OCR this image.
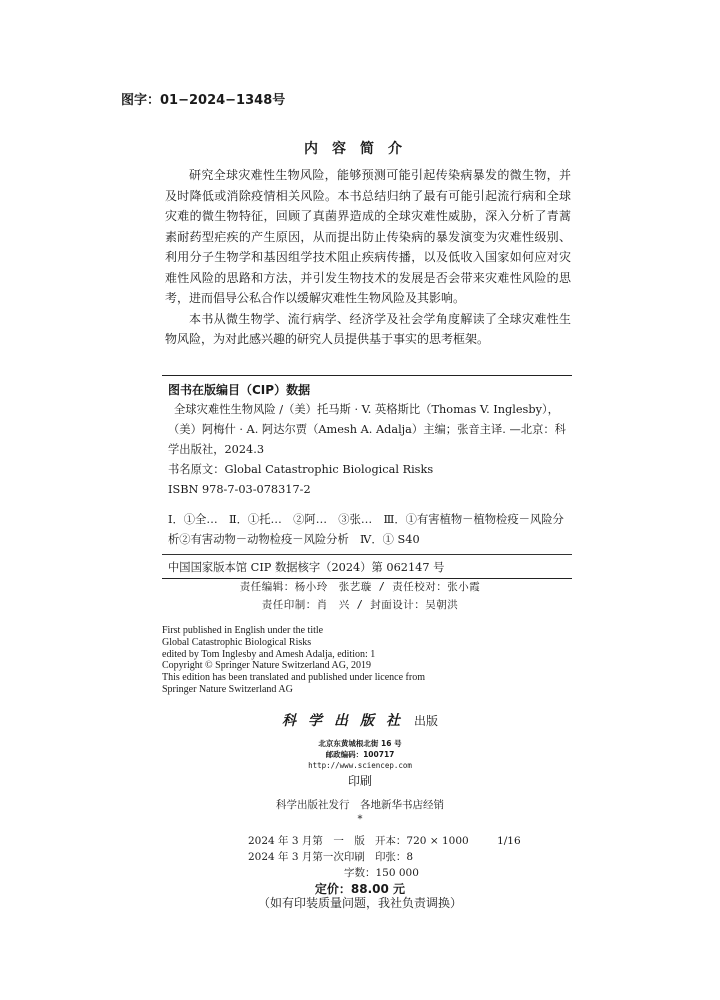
图字：01−2024−1348号
内容简介

研究全球灾难性生物风险，能够预测可能引起传染病暴发的微生物，并及时降低或消除疫情相关风险。本书总结归纳了最有可能引起流行病和全球灾难的微生物特征，回顾了真菌界造成的全球灾难性威胁，深入分析了青蒿素耐药型疟疾的产生原因，从而提出防止传染病的暴发演变为灾难性级别、利用分子生物学和基因组学技术阻止疾病传播，以及低收入国家如何应对灾难性风险的思路和方法，并引发生物技术的发展是否会带来灾难性风险的思考，进而倡导公私合作以缓解灾难性生物风险及其影响。

本书从微生物学、流行病学、经济学及社会学角度解读了全球灾难性生物风险，为对此感兴趣的研究人员提供基于事实的思考框架。

图书在版编目（CIP）数据
全球灾难性生物风险 /（美）托马斯 · V. 英格斯比（Thomas V. Inglesby），（美）阿梅什 · A. 阿达尔贾（Amesh A. Adalja）主编；张音主译. —北京：科学出版社，2024.3
书名原文：Global Catastrophic Biological Risks
ISBN 978-7-03-078317-2
Ⅰ．①全…　Ⅱ．①托…　②阿…　③张…　Ⅲ．①有害植物－植物检疫－风险分析②有害动物－动物检疫－风险分析　Ⅳ．① S40
中国国家版本馆 CIP 数据核字（2024）第 062147 号
责任编辑：杨小玲　张艺璇 / 责任校对：张小霞
责任印制：肖　兴 / 封面设计：吴朝洪
First published in English under the title
Global Catastrophic Biological Risks
edited by Tom Inglesby and Amesh Adalja, edition: 1
Copyright © Springer Nature Switzerland AG, 2019
This edition has been translated and published under licence from
Springer Nature Switzerland AG
科学出版社 出版
北京东黄城根北街 16 号
邮政编码：100717
http://www.sciencep.com
印刷
科学出版社发行　各地新华书店经销
*
2024 年 3 月第　一　版 开本：720 × 1000	1/16
2024 年 3 月第一次印刷 印张：8
字数：150 000
定价：88.00 元
（如有印装质量问题，我社负责调换）
